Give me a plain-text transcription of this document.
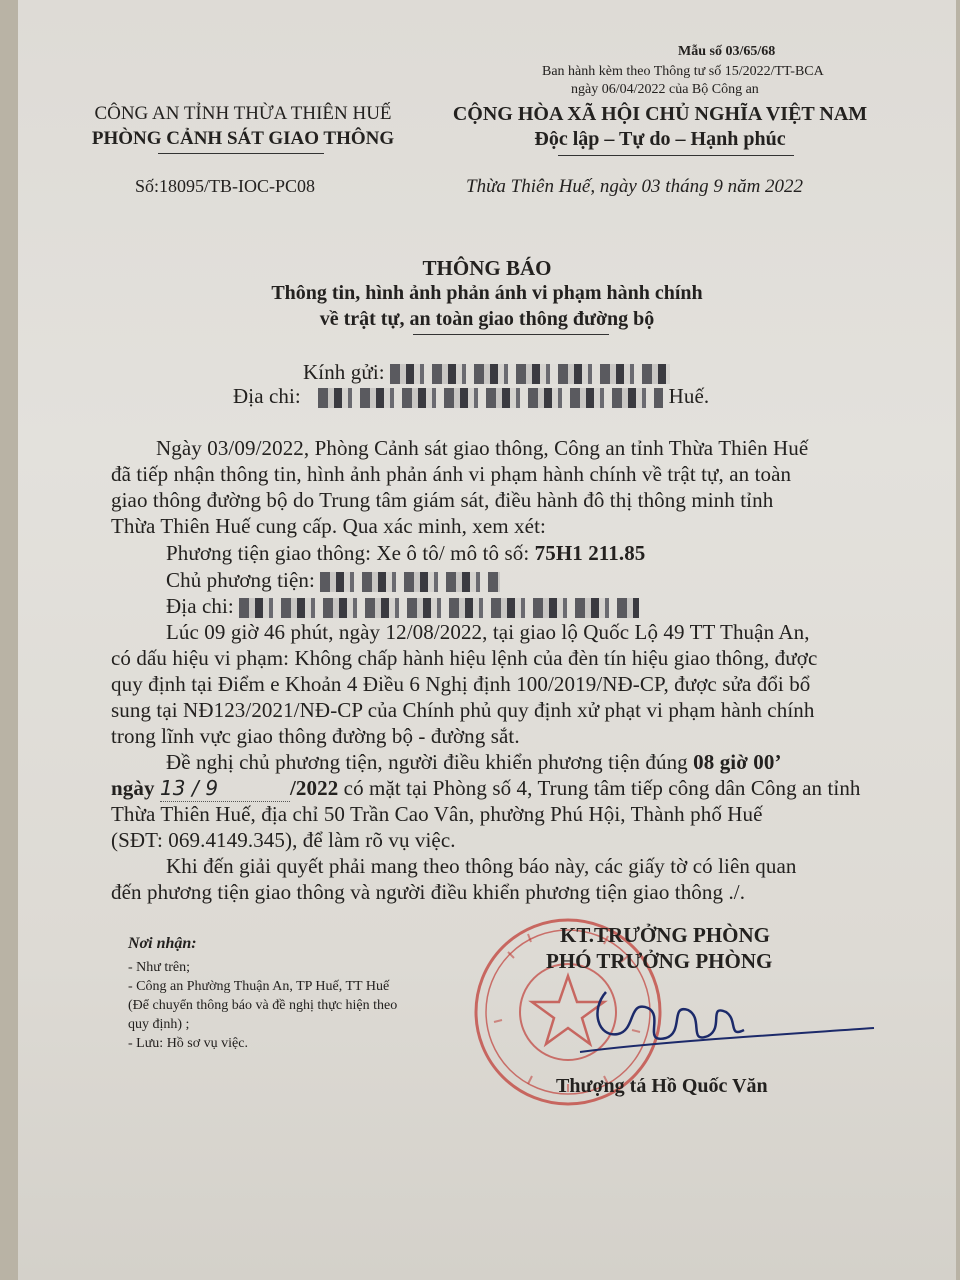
Mẫu số 03/65/68
Ban hành kèm theo Thông tư số 15/2022/TT-BCA
ngày 06/04/2022 của Bộ Công an
CÔNG AN TỈNH THỪA THIÊN HUẾ
PHÒNG CẢNH SÁT GIAO THÔNG
Số:18095/TB-IOC-PC08
CỘNG HÒA XÃ HỘI CHỦ NGHĨA VIỆT NAM
Độc lập – Tự do – Hạnh phúc
Thừa Thiên Huế, ngày 03 tháng 9 năm 2022
THÔNG BÁO
Thông tin, hình ảnh phản ánh vi phạm hành chính
về trật tự, an toàn giao thông đường bộ
Kính gửi:
Địa chi:	Huế.
Ngày 03/09/2022, Phòng Cảnh sát giao thông, Công an tỉnh Thừa Thiên Huế
đã tiếp nhận thông tin, hình ảnh phản ánh vi phạm hành chính về trật tự, an toàn
giao thông đường bộ do Trung tâm giám sát, điều hành đô thị thông minh tỉnh
Thừa Thiên Huế cung cấp. Qua xác minh, xem xét:
Phương tiện giao thông: Xe ô tô/ mô tô số: 75H1 211.85
Chủ phương tiện:
Địa chi:
Lúc 09 giờ 46 phút, ngày 12/08/2022, tại giao lộ Quốc Lộ 49 TT Thuận An,
có dấu hiệu vi phạm: Không chấp hành hiệu lệnh của đèn tín hiệu giao thông, được
quy định tại Điểm e Khoản 4 Điều 6 Nghị định 100/2019/NĐ-CP, được sửa đổi bổ
sung tại NĐ123/2021/NĐ-CP của Chính phủ quy định xử phạt vi phạm hành chính
trong lĩnh vực giao thông đường bộ - đường sắt.
Đề nghị chủ phương tiện, người điều khiển phương tiện đúng 08 giờ 00’
ngày 13 / 9	/2022 có mặt tại Phòng số 4, Trung tâm tiếp công dân Công an tỉnh
Thừa Thiên Huế, địa chỉ 50 Trần Cao Vân, phường Phú Hội, Thành phố Huế
(SĐT: 069.4149.345), để làm rõ vụ việc.
Khi đến giải quyết phải mang theo thông báo này, các giấy tờ có liên quan
đến phương tiện giao thông và người điều khiển phương tiện giao thông ./.
Nơi nhận:
- Như trên;
- Công an Phường Thuận An, TP Huế, TT Huế
(Để chuyển thông báo và đề nghị thực hiện theo
quy định) ;
- Lưu: Hồ sơ vụ việc.
KT.TRƯỞNG PHÒNG
PHÓ TRƯỞNG PHÒNG
Thượng tá Hồ Quốc Văn
